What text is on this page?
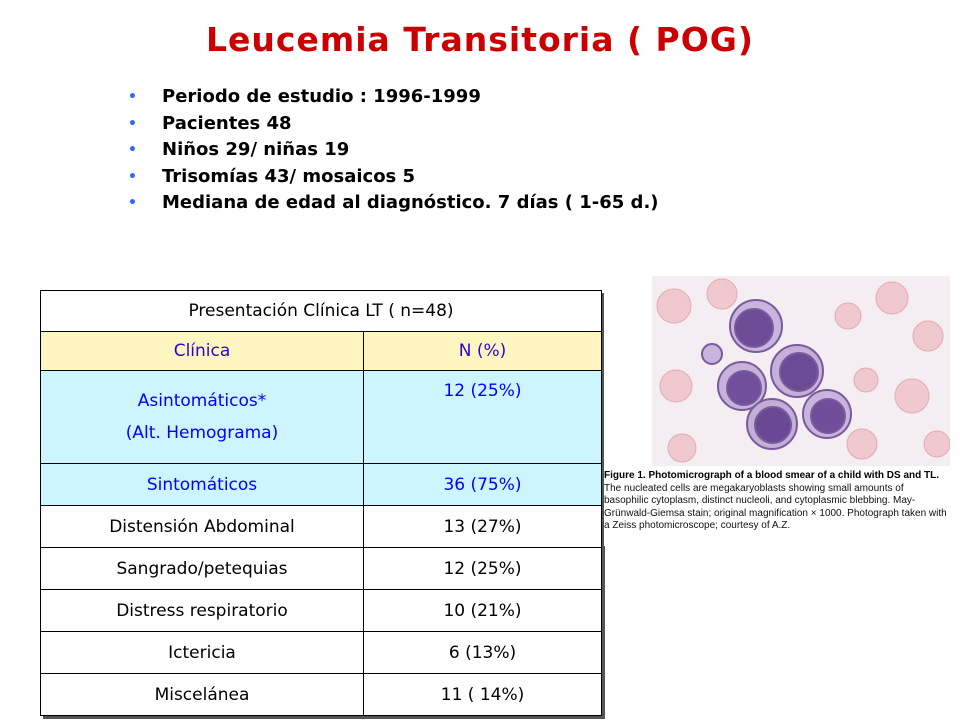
Leucemia Transitoria ( POG)
• Periodo de estudio : 1996-1999
• Pacientes 48
• Niños 29/ niñas 19
• Trisomías 43/ mosaicos 5
• Mediana de edad al diagnóstico. 7 días ( 1-65 d.)
Presentación Clínica LT ( n=48)	
Clínica	N (%)

Asintomáticos*
(Alt. Hemograma)	12 (25%)
Sintomáticos	36 (75%)
Distensión Abdominal	13 (27%)
Sangrado/petequias	12 (25%)
Distress respiratorio	10 (21%)
Ictericia	6 (13%)
Miscelánea	11 ( 14%)
Figure 1. Photomicrograph of a blood smear of a child with DS and TL. The nucleated cells are megakaryoblasts showing small amounts of basophilic cytoplasm, distinct nucleoli, and cytoplasmic blebbing. May-Grünwald-Giemsa stain; original magnification × 1000. Photograph taken with a Zeiss photomicroscope; courtesy of A.Z.
